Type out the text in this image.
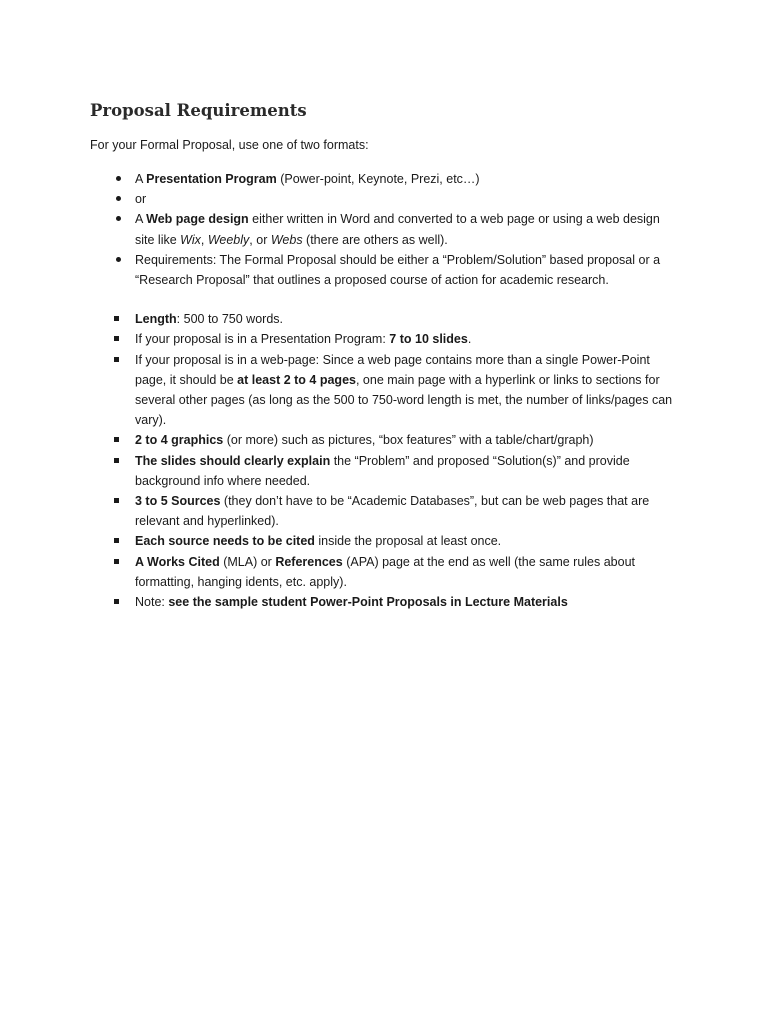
Proposal Requirements

For your Formal Proposal, use one of two formats:

A Presentation Program (Power-point, Keynote, Prezi, etc…)
or
A Web page design either written in Word and converted to a web page or using a web design site like Wix, Weebly, or Webs (there are others as well).
Requirements: The Formal Proposal should be either a “Problem/Solution” based proposal or a “Research Proposal” that outlines a proposed course of action for academic research.
Length: 500 to 750 words.
If your proposal is in a Presentation Program: 7 to 10 slides.
If your proposal is in a web-page: Since a web page contains more than a single Power-Point page, it should be at least 2 to 4 pages, one main page with a hyperlink or links to sections for several other pages (as long as the 500 to 750-word length is met, the number of links/pages can vary).
2 to 4 graphics (or more) such as pictures, “box features” with a table/chart/graph)
The slides should clearly explain the “Problem” and proposed “Solution(s)” and provide background info where needed.
3 to 5 Sources (they don’t have to be “Academic Databases”, but can be web pages that are relevant and hyperlinked).
Each source needs to be cited inside the proposal at least once.
A Works Cited (MLA) or References (APA) page at the end as well (the same rules about formatting, hanging idents, etc. apply).
Note: see the sample student Power-Point Proposals in Lecture Materials
